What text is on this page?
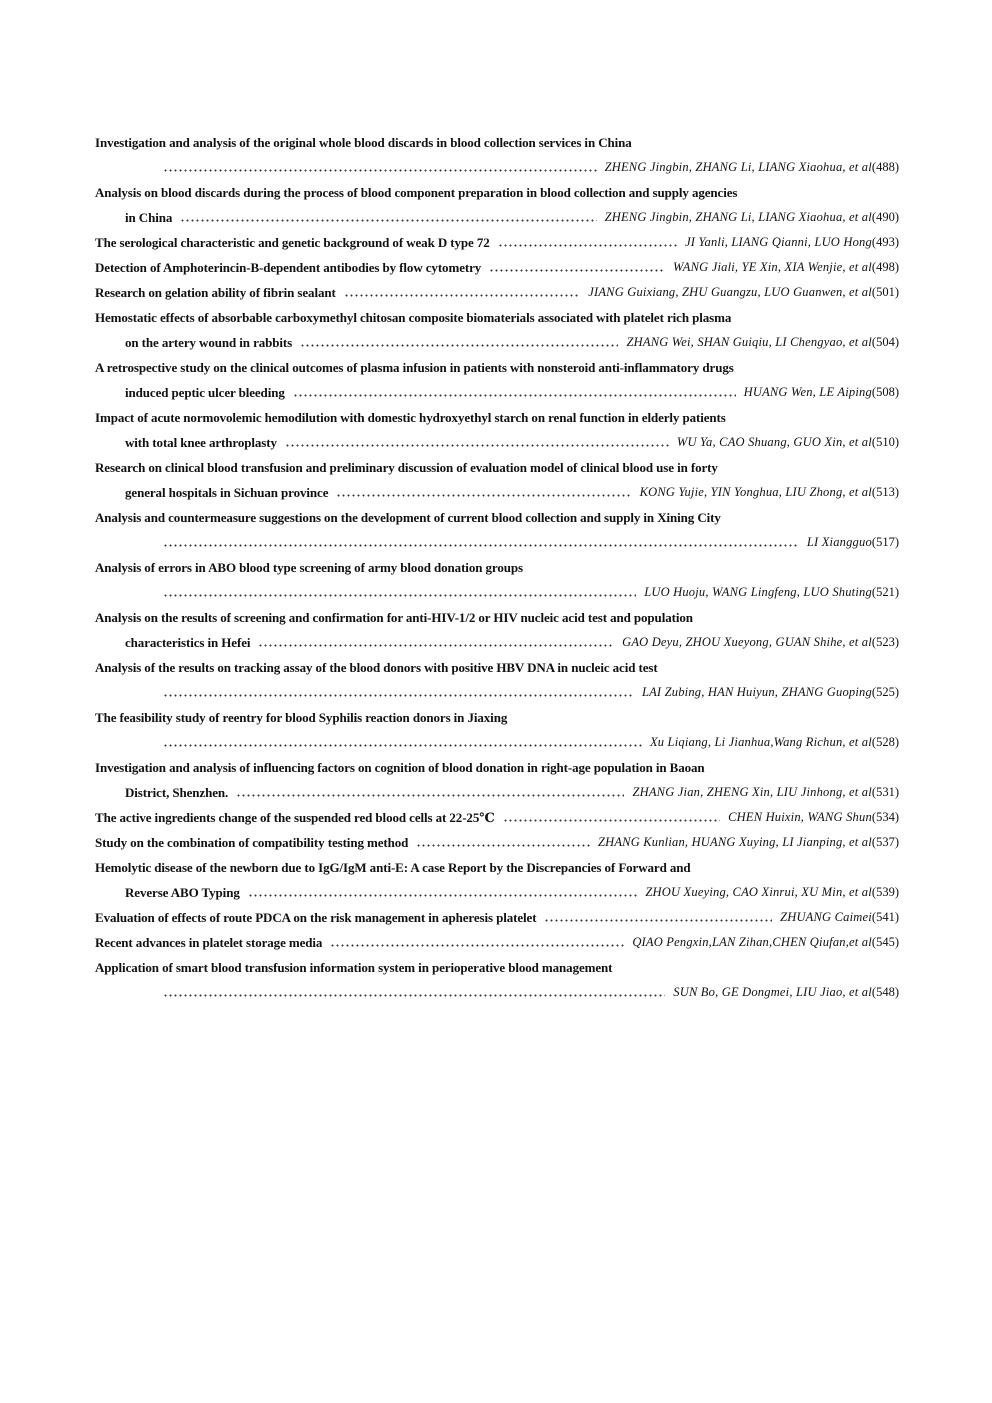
Investigation and analysis of the original whole blood discards in blood collection services in China
ZHENG Jingbin, ZHANG Li, LIANG Xiaohua, et al (488)
Analysis on blood discards during the process of blood component preparation in blood collection and supply agencies
in China	ZHENG Jingbin, ZHANG Li, LIANG Xiaohua, et al (490)
The serological characteristic and genetic background of weak D type 72	JI Yanli, LIANG Qianni, LUO Hong (493)
Detection of Amphoterincin-B-dependent antibodies by flow cytometry	WANG Jiali, YE Xin, XIA Wenjie, et al (498)
Research on gelation ability of fibrin sealant	JIANG Guixiang, ZHU Guangzu, LUO Guanwen, et al (501)
Hemostatic effects of absorbable carboxymethyl chitosan composite biomaterials associated with platelet rich plasma
on the artery wound in rabbits	ZHANG Wei, SHAN Guiqiu, LI Chengyao, et al (504)
A retrospective study on the clinical outcomes of plasma infusion in patients with nonsteroid anti-inflammatory drugs
induced peptic ulcer bleeding	HUANG Wen, LE Aiping (508)
Impact of acute normovolemic hemodilution with domestic hydroxyethyl starch on renal function in elderly patients
with total knee arthroplasty	WU Ya, CAO Shuang, GUO Xin, et al (510)
Research on clinical blood transfusion and preliminary discussion of evaluation model of clinical blood use in forty
general hospitals in Sichuan province	KONG Yujie, YIN Yonghua, LIU Zhong, et al (513)
Analysis and countermeasure suggestions on the development of current blood collection and supply in Xining City
LI Xiangguo (517)
Analysis of errors in ABO blood type screening of army blood donation groups
LUO Huoju, WANG Lingfeng, LUO Shuting (521)
Analysis on the results of screening and confirmation for anti-HIV-1/2 or HIV nucleic acid test and population
characteristics in Hefei	GAO Deyu, ZHOU Xueyong, GUAN Shihe, et al (523)
Analysis of the results on tracking assay of the blood donors with positive HBV DNA in nucleic acid test
LAI Zubing, HAN Huiyun, ZHANG Guoping (525)
The feasibility study of reentry for blood Syphilis reaction donors in Jiaxing
Xu Liqiang, Li Jianhua,Wang Richun, et al (528)
Investigation and analysis of influencing factors on cognition of blood donation in right-age population in Baoan
District, Shenzhen.	ZHANG Jian, ZHENG Xin, LIU Jinhong, et al (531)
The active ingredients change of the suspended red blood cells at 22-25℃	CHEN Huixin, WANG Shun (534)
Study on the combination of compatibility testing method	ZHANG Kunlian, HUANG Xuying, LI Jianping, et al (537)
Hemolytic disease of the newborn due to IgG/IgM anti-E: A case Report by the Discrepancies of Forward and
Reverse ABO Typing	ZHOU Xueying, CAO Xinrui, XU Min, et al (539)
Evaluation of effects of route PDCA on the risk management in apheresis platelet	ZHUANG Caimei (541)
Recent advances in platelet storage media	QIAO Pengxin,LAN Zihan,CHEN Qiufan,et al (545)
Application of smart blood transfusion information system in perioperative blood management
SUN Bo, GE Dongmei, LIU Jiao, et al (548)
